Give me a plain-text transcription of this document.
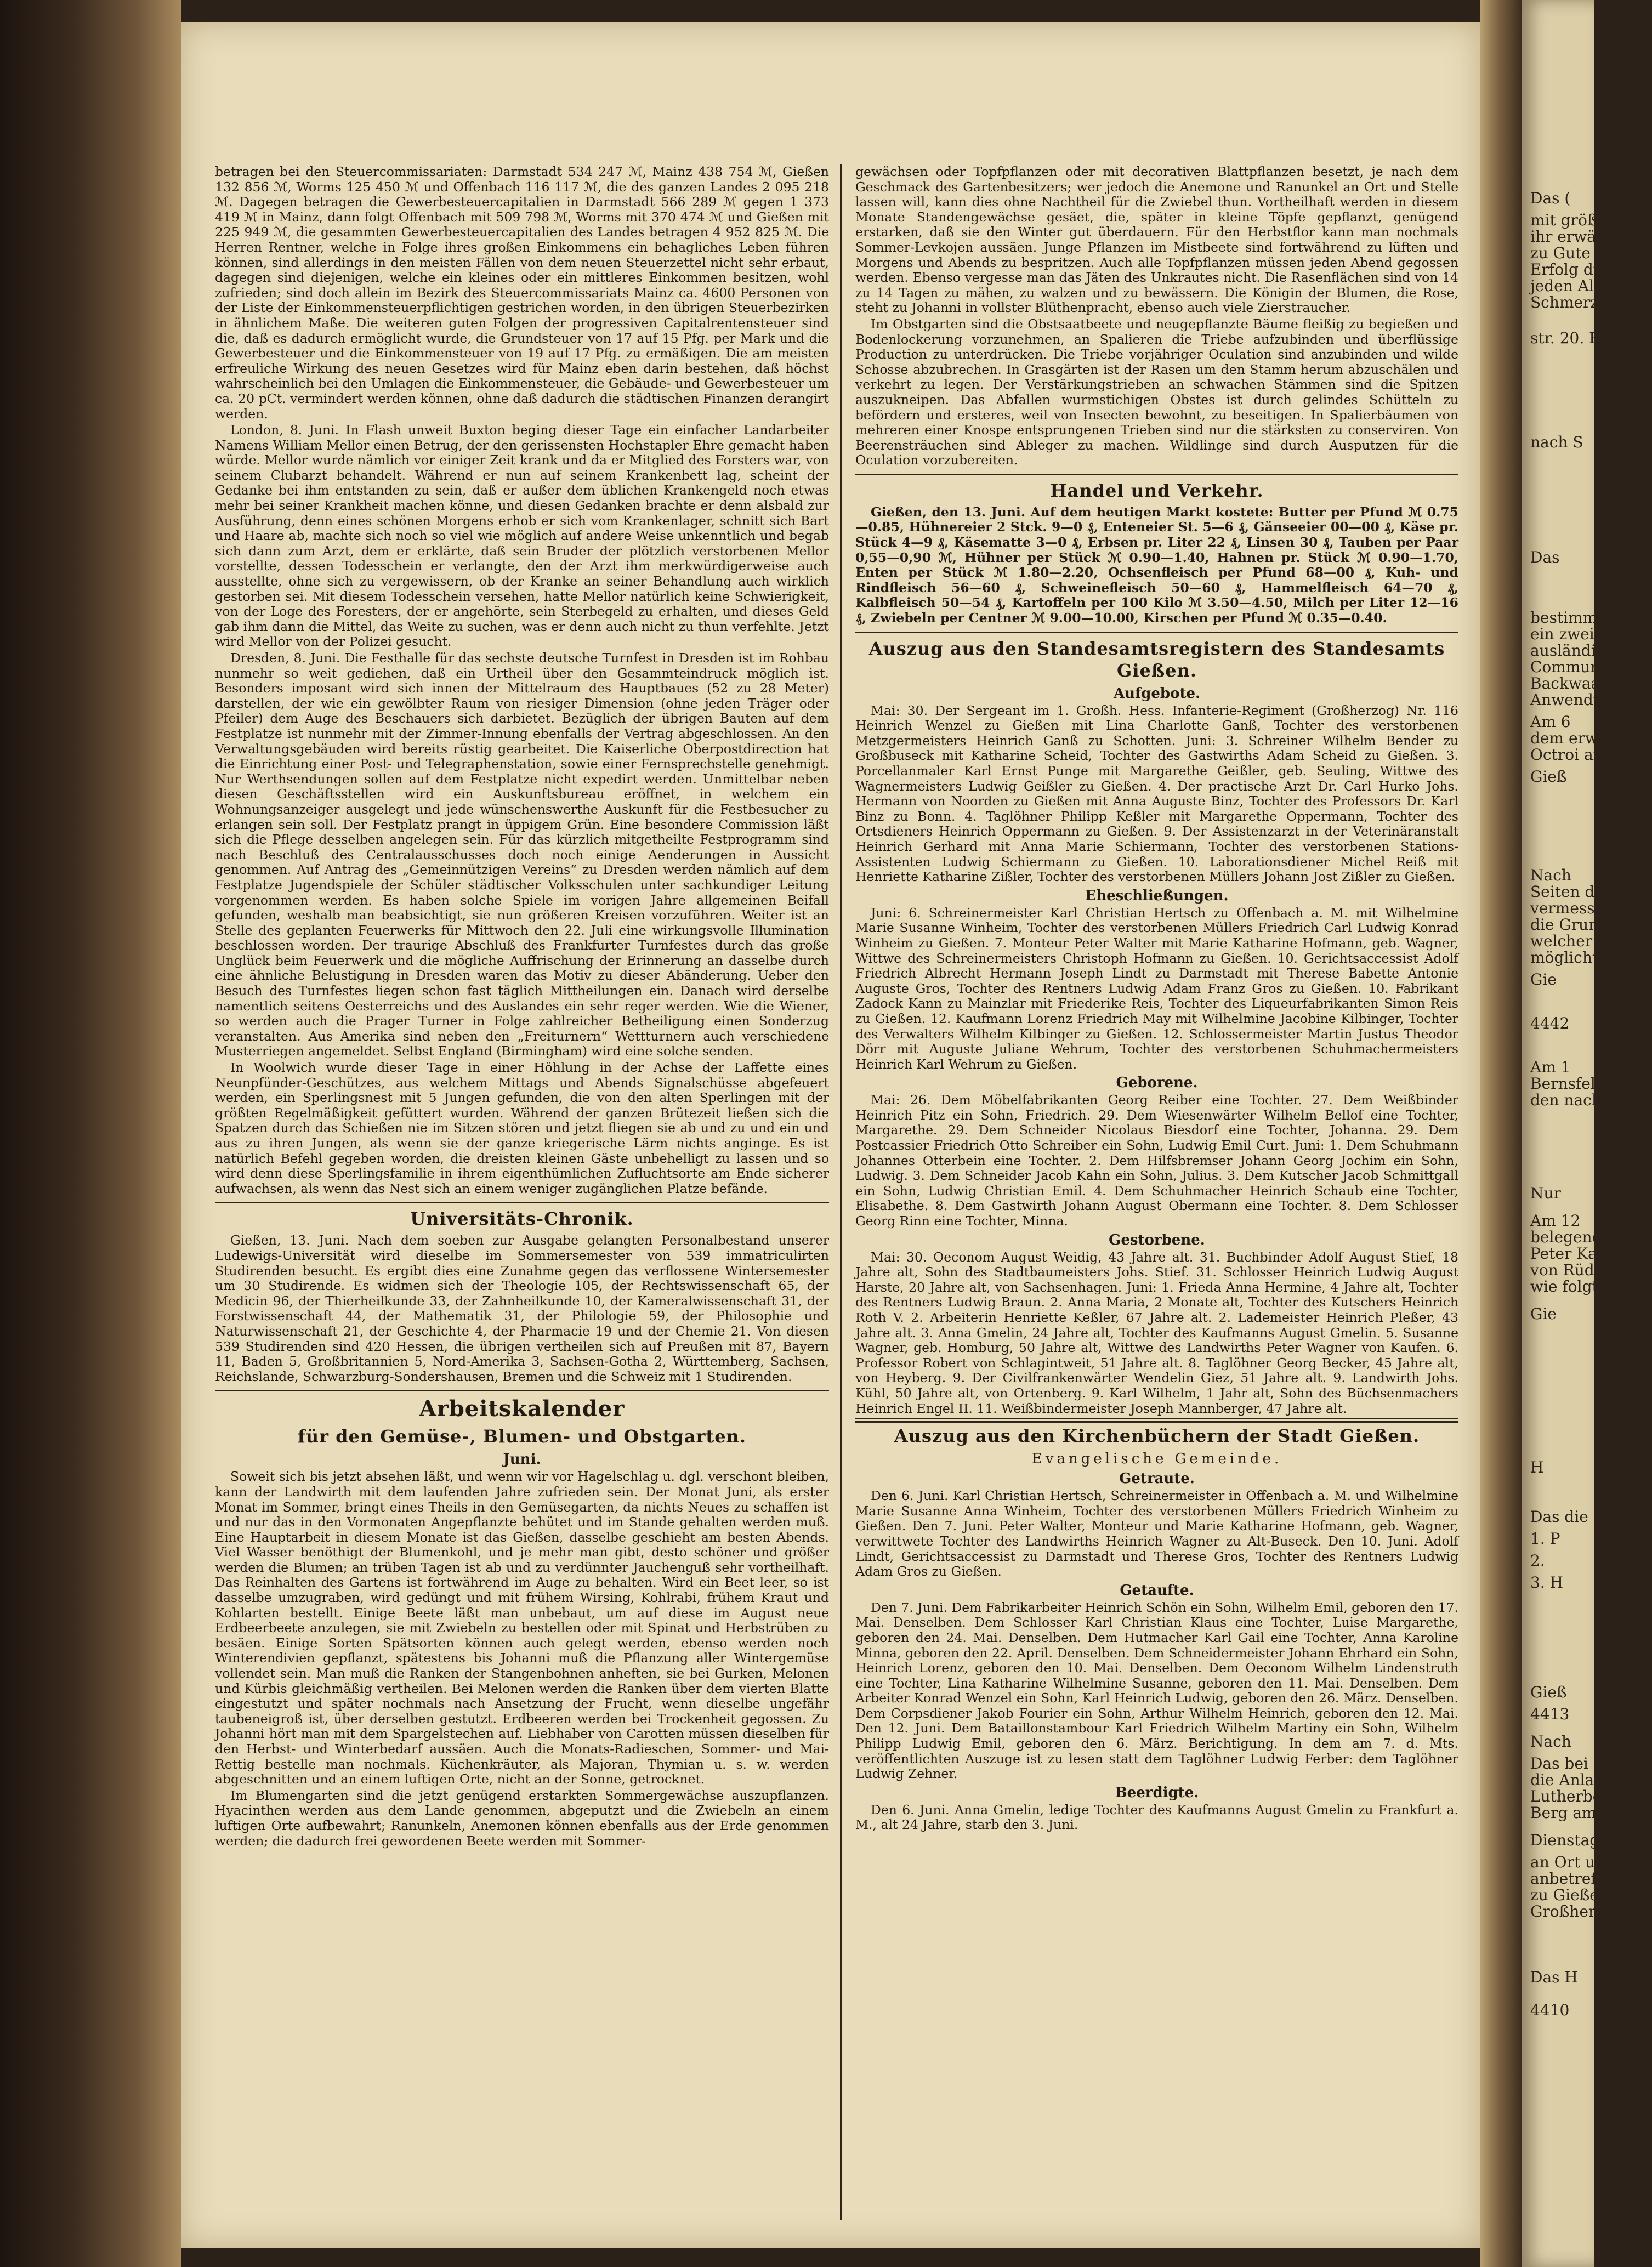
betragen bei den Steuercommissariaten: Darmstadt 534 247 ℳ, Mainz 438 754 ℳ, Gießen 132 856 ℳ, Worms 125 450 ℳ und Offenbach 116 117 ℳ, die des ganzen Landes 2 095 218 ℳ. Dagegen betragen die Gewerbesteuercapitalien in Darmstadt 566 289 ℳ gegen 1 373 419 ℳ in Mainz, dann folgt Offenbach mit 509 798 ℳ, Worms mit 370 474 ℳ und Gießen mit 225 949 ℳ, die gesammten Gewerbesteuercapitalien des Landes betragen 4 952 825 ℳ. Die Herren Rentner, welche in Folge ihres großen Einkommens ein behagliches Leben führen können, sind allerdings in den meisten Fällen von dem neuen Steuerzettel nicht sehr erbaut, dagegen sind diejenigen, welche ein kleines oder ein mittleres Einkommen besitzen, wohl zufrieden; sind doch allein im Bezirk des Steuercommissariats Mainz ca. 4600 Personen von der Liste der Einkommensteuerpflichtigen gestrichen worden, in den übrigen Steuerbezirken in ähnlichem Maße. Die weiteren guten Folgen der progressiven Capitalrentensteuer sind die, daß es dadurch ermöglicht wurde, die Grundsteuer von 17 auf 15 Pfg. per Mark und die Gewerbesteuer und die Einkommensteuer von 19 auf 17 Pfg. zu ermäßigen. Die am meisten erfreuliche Wirkung des neuen Gesetzes wird für Mainz eben darin bestehen, daß höchst wahrscheinlich bei den Umlagen die Einkommensteuer, die Gebäude- und Gewerbesteuer um ca. 20 pCt. vermindert werden können, ohne daß dadurch die städtischen Finanzen derangirt werden.

London, 8. Juni. In Flash unweit Buxton beging dieser Tage ein einfacher Landarbeiter Namens William Mellor einen Betrug, der den gerissensten Hochstapler Ehre gemacht haben würde. Mellor wurde nämlich vor einiger Zeit krank und da er Mitglied des Forsters war, von seinem Clubarzt behandelt. Während er nun auf seinem Krankenbett lag, scheint der Gedanke bei ihm entstanden zu sein, daß er außer dem üblichen Krankengeld noch etwas mehr bei seiner Krankheit machen könne, und diesen Gedanken brachte er denn alsbald zur Ausführung, denn eines schönen Morgens erhob er sich vom Krankenlager, schnitt sich Bart und Haare ab, machte sich noch so viel wie möglich auf andere Weise unkenntlich und begab sich dann zum Arzt, dem er erklärte, daß sein Bruder der plötzlich verstorbenen Mellor vorstellte, dessen Todesschein er verlangte, den der Arzt ihm merkwürdigerweise auch ausstellte, ohne sich zu vergewissern, ob der Kranke an seiner Behandlung auch wirklich gestorben sei. Mit diesem Todesschein versehen, hatte Mellor natürlich keine Schwierigkeit, von der Loge des Foresters, der er angehörte, sein Sterbegeld zu erhalten, und dieses Geld gab ihm dann die Mittel, das Weite zu suchen, was er denn auch nicht zu thun verfehlte. Jetzt wird Mellor von der Polizei gesucht.

Dresden, 8. Juni. Die Festhalle für das sechste deutsche Turnfest in Dresden ist im Rohbau nunmehr so weit gediehen, daß ein Urtheil über den Gesammteindruck möglich ist. Besonders imposant wird sich innen der Mittelraum des Hauptbaues (52 zu 28 Meter) darstellen, der wie ein gewölbter Raum von riesiger Dimension (ohne jeden Träger oder Pfeiler) dem Auge des Beschauers sich darbietet. Bezüglich der übrigen Bauten auf dem Festplatze ist nunmehr mit der Zimmer-Innung ebenfalls der Vertrag abgeschlossen. An den Verwaltungsgebäuden wird bereits rüstig gearbeitet. Die Kaiserliche Oberpostdirection hat die Einrichtung einer Post- und Telegraphenstation, sowie einer Fernsprechstelle genehmigt. Nur Werthsendungen sollen auf dem Festplatze nicht expedirt werden. Unmittelbar neben diesen Geschäftsstellen wird ein Auskunftsbureau eröffnet, in welchem ein Wohnungsanzeiger ausgelegt und jede wünschenswerthe Auskunft für die Festbesucher zu erlangen sein soll. Der Festplatz prangt in üppigem Grün. Eine besondere Commission läßt sich die Pflege desselben angelegen sein. Für das kürzlich mitgetheilte Festprogramm sind nach Beschluß des Centralausschusses doch noch einige Aenderungen in Aussicht genommen. Auf Antrag des „Gemeinnützigen Vereins“ zu Dresden werden nämlich auf dem Festplatze Jugendspiele der Schüler städtischer Volksschulen unter sachkundiger Leitung vorgenommen werden. Es haben solche Spiele im vorigen Jahre allgemeinen Beifall gefunden, weshalb man beabsichtigt, sie nun größeren Kreisen vorzuführen. Weiter ist an Stelle des geplanten Feuerwerks für Mittwoch den 22. Juli eine wirkungsvolle Illumination beschlossen worden. Der traurige Abschluß des Frankfurter Turnfestes durch das große Unglück beim Feuerwerk und die mögliche Auffrischung der Erinnerung an dasselbe durch eine ähnliche Belustigung in Dresden waren das Motiv zu dieser Abänderung. Ueber den Besuch des Turnfestes liegen schon fast täglich Mittheilungen ein. Danach wird derselbe namentlich seitens Oesterreichs und des Auslandes ein sehr reger werden. Wie die Wiener, so werden auch die Prager Turner in Folge zahlreicher Betheiligung einen Sonderzug veranstalten. Aus Amerika sind neben den „Freiturnern“ Wettturnern auch verschiedene Musterriegen angemeldet. Selbst England (Birmingham) wird eine solche senden.

In Woolwich wurde dieser Tage in einer Höhlung in der Achse der Laffette eines Neunpfünder-Geschützes, aus welchem Mittags und Abends Signalschüsse abgefeuert werden, ein Sperlingsnest mit 5 Jungen gefunden, die von den alten Sperlingen mit der größten Regelmäßigkeit gefüttert wurden. Während der ganzen Brütezeit ließen sich die Spatzen durch das Schießen nie im Sitzen stören und jetzt fliegen sie ab und zu und ein und aus zu ihren Jungen, als wenn sie der ganze kriegerische Lärm nichts anginge. Es ist natürlich Befehl gegeben worden, die dreisten kleinen Gäste unbehelligt zu lassen und so wird denn diese Sperlingsfamilie in ihrem eigenthümlichen Zufluchtsorte am Ende sicherer aufwachsen, als wenn das Nest sich an einem weniger zugänglichen Platze befände.

Universitäts-Chronik.

Gießen, 13. Juni. Nach dem soeben zur Ausgabe gelangten Personalbestand unserer Ludewigs-Universität wird dieselbe im Sommersemester von 539 immatriculirten Studirenden besucht. Es ergibt dies eine Zunahme gegen das verflossene Wintersemester um 30 Studirende. Es widmen sich der Theologie 105, der Rechtswissenschaft 65, der Medicin 96, der Thierheilkunde 33, der Zahnheilkunde 10, der Kameralwissenschaft 31, der Forstwissenschaft 44, der Mathematik 31, der Philologie 59, der Philosophie und Naturwissenschaft 21, der Geschichte 4, der Pharmacie 19 und der Chemie 21. Von diesen 539 Studirenden sind 420 Hessen, die übrigen vertheilen sich auf Preußen mit 87, Bayern 11, Baden 5, Großbritannien 5, Nord-Amerika 3, Sachsen-Gotha 2, Württemberg, Sachsen, Reichslande, Schwarzburg-Sondershausen, Bremen und die Schweiz mit 1 Studirenden.

Arbeitskalender
für den Gemüse-, Blumen- und Obstgarten.
Juni.

Soweit sich bis jetzt absehen läßt, und wenn wir vor Hagelschlag u. dgl. verschont bleiben, kann der Landwirth mit dem laufenden Jahre zufrieden sein. Der Monat Juni, als erster Monat im Sommer, bringt eines Theils in den Gemüsegarten, da nichts Neues zu schaffen ist und nur das in den Vormonaten Angepflanzte behütet und im Stande gehalten werden muß. Eine Hauptarbeit in diesem Monate ist das Gießen, dasselbe geschieht am besten Abends. Viel Wasser benöthigt der Blumenkohl, und je mehr man gibt, desto schöner und größer werden die Blumen; an trüben Tagen ist ab und zu verdünnter Jauchenguß sehr vortheilhaft. Das Reinhalten des Gartens ist fortwährend im Auge zu behalten. Wird ein Beet leer, so ist dasselbe umzugraben, wird gedüngt und mit frühem Wirsing, Kohlrabi, frühem Kraut und Kohlarten bestellt. Einige Beete läßt man unbebaut, um auf diese im August neue Erdbeerbeete anzulegen, sie mit Zwiebeln zu bestellen oder mit Spinat und Herbstrüben zu besäen. Einige Sorten Spätsorten können auch gelegt werden, ebenso werden noch Winterendivien gepflanzt, spätestens bis Johanni muß die Pflanzung aller Wintergemüse vollendet sein. Man muß die Ranken der Stangenbohnen anheften, sie bei Gurken, Melonen und Kürbis gleichmäßig vertheilen. Bei Melonen werden die Ranken über dem vierten Blatte eingestutzt und später nochmals nach Ansetzung der Frucht, wenn dieselbe ungefähr taubeneigroß ist, über derselben gestutzt. Erdbeeren werden bei Trockenheit gegossen. Zu Johanni hört man mit dem Spargelstechen auf. Liebhaber von Carotten müssen dieselben für den Herbst- und Winterbedarf aussäen. Auch die Monats-Radieschen, Sommer- und Mai-Rettig bestelle man nochmals. Küchenkräuter, als Majoran, Thymian u. s. w. werden abgeschnitten und an einem luftigen Orte, nicht an der Sonne, getrocknet.

Im Blumengarten sind die jetzt genügend erstarkten Sommergewächse auszupflanzen. Hyacinthen werden aus dem Lande genommen, abgeputzt und die Zwiebeln an einem luftigen Orte aufbewahrt; Ranunkeln, Anemonen können ebenfalls aus der Erde genommen werden; die dadurch frei gewordenen Beete werden mit Sommer-

gewächsen oder Topfpflanzen oder mit decorativen Blattpflanzen besetzt, je nach dem Geschmack des Gartenbesitzers; wer jedoch die Anemone und Ranunkel an Ort und Stelle lassen will, kann dies ohne Nachtheil für die Zwiebel thun. Vortheilhaft werden in diesem Monate Standengewächse gesäet, die, später in kleine Töpfe gepflanzt, genügend erstarken, daß sie den Winter gut überdauern. Für den Herbstflor kann man nochmals Sommer-Levkojen aussäen. Junge Pflanzen im Mistbeete sind fortwährend zu lüften und Morgens und Abends zu bespritzen. Auch alle Topfpflanzen müssen jeden Abend gegossen werden. Ebenso vergesse man das Jäten des Unkrautes nicht. Die Rasenflächen sind von 14 zu 14 Tagen zu mähen, zu walzen und zu bewässern. Die Königin der Blumen, die Rose, steht zu Johanni in vollster Blüthenpracht, ebenso auch viele Zierstraucher.

Im Obstgarten sind die Obstsaatbeete und neugepflanzte Bäume fleißig zu begießen und Bodenlockerung vorzunehmen, an Spalieren die Triebe aufzubinden und überflüssige Production zu unterdrücken. Die Triebe vorjähriger Oculation sind anzubinden und wilde Schosse abzubrechen. In Grasgärten ist der Rasen um den Stamm herum abzuschälen und verkehrt zu legen. Der Verstärkungstrieben an schwachen Stämmen sind die Spitzen auszukneipen. Das Abfallen wurmstichigen Obstes ist durch gelindes Schütteln zu befördern und ersteres, weil von Insecten bewohnt, zu beseitigen. In Spalierbäumen von mehreren einer Knospe entsprungenen Trieben sind nur die stärksten zu conserviren. Von Beerensträuchen sind Ableger zu machen. Wildlinge sind durch Ausputzen für die Oculation vorzubereiten.

Handel und Verkehr.

Gießen, den 13. Juni. Auf dem heutigen Markt kostete: Butter per Pfund ℳ 0.75—0.85, Hühnereier 2 Stck. 9—0 ₰, Enteneier St. 5—6 ₰, Gänseeier 00—00 ₰, Käse pr. Stück 4—9 ₰, Käsematte 3—0 ₰, Erbsen pr. Liter 22 ₰, Linsen 30 ₰, Tauben per Paar 0,55—0,90 ℳ, Hühner per Stück ℳ 0.90—1.40, Hahnen pr. Stück ℳ 0.90—1.70, Enten per Stück ℳ 1.80—2.20, Ochsenfleisch per Pfund 68—00 ₰, Kuh- und Rindfleisch 56—60 ₰, Schweinefleisch 50—60 ₰, Hammelfleisch 64—70 ₰, Kalbfleisch 50—54 ₰, Kartoffeln per 100 Kilo ℳ 3.50—4.50, Milch per Liter 12—16 ₰, Zwiebeln per Centner ℳ 9.00—10.00, Kirschen per Pfund ℳ 0.35—0.40.

Auszug aus den Standesamtsregistern des Standesamts Gießen.
Aufgebote.

Mai: 30. Der Sergeant im 1. Großh. Hess. Infanterie-Regiment (Großherzog) Nr. 116 Heinrich Wenzel zu Gießen mit Lina Charlotte Ganß, Tochter des verstorbenen Metzgermeisters Heinrich Ganß zu Schotten. Juni: 3. Schreiner Wilhelm Bender zu Großbuseck mit Katharine Scheid, Tochter des Gastwirths Adam Scheid zu Gießen. 3. Porcellanmaler Karl Ernst Punge mit Margarethe Geißler, geb. Seuling, Wittwe des Wagnermeisters Ludwig Geißler zu Gießen. 4. Der practische Arzt Dr. Carl Hurko Johs. Hermann von Noorden zu Gießen mit Anna Auguste Binz, Tochter des Professors Dr. Karl Binz zu Bonn. 4. Taglöhner Philipp Keßler mit Margarethe Oppermann, Tochter des Ortsdieners Heinrich Oppermann zu Gießen. 9. Der Assistenzarzt in der Veterinäranstalt Heinrich Gerhard mit Anna Marie Schiermann, Tochter des verstorbenen Stations-Assistenten Ludwig Schiermann zu Gießen. 10. Laborationsdiener Michel Reiß mit Henriette Katharine Zißler, Tochter des verstorbenen Müllers Johann Jost Zißler zu Gießen.

Eheschließungen.

Juni: 6. Schreinermeister Karl Christian Hertsch zu Offenbach a. M. mit Wilhelmine Marie Susanne Winheim, Tochter des verstorbenen Müllers Friedrich Carl Ludwig Konrad Winheim zu Gießen. 7. Monteur Peter Walter mit Marie Katharine Hofmann, geb. Wagner, Wittwe des Schreinermeisters Christoph Hofmann zu Gießen. 10. Gerichtsaccessist Adolf Friedrich Albrecht Hermann Joseph Lindt zu Darmstadt mit Therese Babette Antonie Auguste Gros, Tochter des Rentners Ludwig Adam Franz Gros zu Gießen. 10. Fabrikant Zadock Kann zu Mainzlar mit Friederike Reis, Tochter des Liqueurfabrikanten Simon Reis zu Gießen. 12. Kaufmann Lorenz Friedrich May mit Wilhelmine Jacobine Kilbinger, Tochter des Verwalters Wilhelm Kilbinger zu Gießen. 12. Schlossermeister Martin Justus Theodor Dörr mit Auguste Juliane Wehrum, Tochter des verstorbenen Schuhmachermeisters Heinrich Karl Wehrum zu Gießen.

Geborene.

Mai: 26. Dem Möbelfabrikanten Georg Reiber eine Tochter. 27. Dem Weißbinder Heinrich Pitz ein Sohn, Friedrich. 29. Dem Wiesenwärter Wilhelm Bellof eine Tochter, Margarethe. 29. Dem Schneider Nicolaus Biesdorf eine Tochter, Johanna. 29. Dem Postcassier Friedrich Otto Schreiber ein Sohn, Ludwig Emil Curt. Juni: 1. Dem Schuhmann Johannes Otterbein eine Tochter. 2. Dem Hilfsbremser Johann Georg Jochim ein Sohn, Ludwig. 3. Dem Schneider Jacob Kahn ein Sohn, Julius. 3. Dem Kutscher Jacob Schmittgall ein Sohn, Ludwig Christian Emil. 4. Dem Schuhmacher Heinrich Schaub eine Tochter, Elisabethe. 8. Dem Gastwirth Johann August Obermann eine Tochter. 8. Dem Schlosser Georg Rinn eine Tochter, Minna.

Gestorbene.

Mai: 30. Oeconom August Weidig, 43 Jahre alt. 31. Buchbinder Adolf August Stief, 18 Jahre alt, Sohn des Stadtbaumeisters Johs. Stief. 31. Schlosser Heinrich Ludwig August Harste, 20 Jahre alt, von Sachsenhagen. Juni: 1. Frieda Anna Hermine, 4 Jahre alt, Tochter des Rentners Ludwig Braun. 2. Anna Maria, 2 Monate alt, Tochter des Kutschers Heinrich Roth V. 2. Arbeiterin Henriette Keßler, 67 Jahre alt. 2. Lademeister Heinrich Pleßer, 43 Jahre alt. 3. Anna Gmelin, 24 Jahre alt, Tochter des Kaufmanns August Gmelin. 5. Susanne Wagner, geb. Homburg, 50 Jahre alt, Wittwe des Landwirths Peter Wagner von Kaufen. 6. Professor Robert von Schlagintweit, 51 Jahre alt. 8. Taglöhner Georg Becker, 45 Jahre alt, von Heyberg. 9. Der Civilfrankenwärter Wendelin Giez, 51 Jahre alt. 9. Landwirth Johs. Kühl, 50 Jahre alt, von Ortenberg. 9. Karl Wilhelm, 1 Jahr alt, Sohn des Büchsenmachers Heinrich Engel II. 11. Weißbindermeister Joseph Mannberger, 47 Jahre alt.

Auszug aus den Kirchenbüchern der Stadt Gießen.
Evangelische Gemeinde.
Getraute.

Den 6. Juni. Karl Christian Hertsch, Schreinermeister in Offenbach a. M. und Wilhelmine Marie Susanne Anna Winheim, Tochter des verstorbenen Müllers Friedrich Winheim zu Gießen. Den 7. Juni. Peter Walter, Monteur und Marie Katharine Hofmann, geb. Wagner, verwittwete Tochter des Landwirths Heinrich Wagner zu Alt-Buseck. Den 10. Juni. Adolf Lindt, Gerichtsaccessist zu Darmstadt und Therese Gros, Tochter des Rentners Ludwig Adam Gros zu Gießen.

Getaufte.

Den 7. Juni. Dem Fabrikarbeiter Heinrich Schön ein Sohn, Wilhelm Emil, geboren den 17. Mai. Denselben. Dem Schlosser Karl Christian Klaus eine Tochter, Luise Margarethe, geboren den 24. Mai. Denselben. Dem Hutmacher Karl Gail eine Tochter, Anna Karoline Minna, geboren den 22. April. Denselben. Dem Schneidermeister Johann Ehrhard ein Sohn, Heinrich Lorenz, geboren den 10. Mai. Denselben. Dem Oeconom Wilhelm Lindenstruth eine Tochter, Lina Katharine Wilhelmine Susanne, geboren den 11. Mai. Denselben. Dem Arbeiter Konrad Wenzel ein Sohn, Karl Heinrich Ludwig, geboren den 26. März. Denselben. Dem Corpsdiener Jakob Fourier ein Sohn, Arthur Wilhelm Heinrich, geboren den 12. Mai. Den 12. Juni. Dem Bataillonstambour Karl Friedrich Wilhelm Martiny ein Sohn, Wilhelm Philipp Ludwig Emil, geboren den 6. März. Berichtigung. In dem am 7. d. Mts. veröffentlichten Auszuge ist zu lesen statt dem Taglöhner Ludwig Ferber: dem Taglöhner Ludwig Zehner.

Beerdigte.

Den 6. Juni. Anna Gmelin, ledige Tochter des Kaufmanns August Gmelin zu Frankfurt a. M., alt 24 Jahre, starb den 3. Juni.

Das (
mit größter
ihr erwähnt
zu Gute gek
Erfolg durch
jeden Alters
Schmerz des
str. 20. P
nach S
Das
bestimmt, be
ein zweites
ausländischen
Communen
Backwaaren,
Anwendung
Am 6
dem erwähnten
Octroi am G
Gieß
Nach
Seiten des
vermessungs
die Grund
welcher Ein
möglicht er
Gie
4442
Am 1
Bernsfeld wo
den nachverze
Nur
Am 12
belegenen Fe
Peter Kaiser
von Rüddin
wie folgt ke
Gie
H
Das die
1. P
2.
3. H
Gieß
4413
Nach
Das bei
die Anlagen
Lutherberg,
Berg am De
Dienstag
an Ort und
anbetreffend
zu Gießen
Großherzogl
Das H
4410
